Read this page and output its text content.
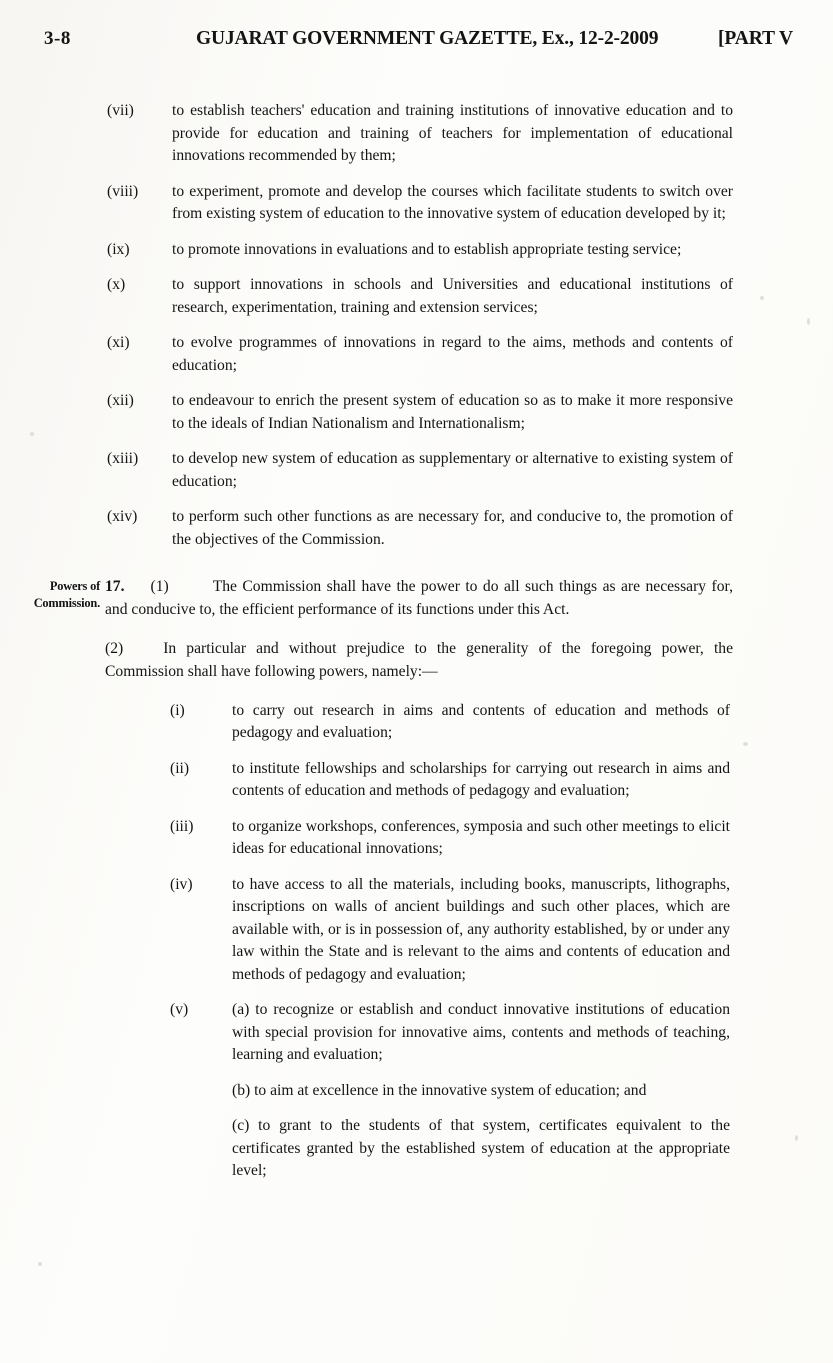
3-8	GUJARAT GOVERNMENT GAZETTE, Ex., 12-2-2009	[PART V
(vii)	to establish teachers' education and training institutions of innovative education and to provide for education and training of teachers for implementation of educational innovations recommended by them;
(viii)	to experiment, promote and develop the courses which facilitate students to switch over from existing system of education to the innovative system of education developed by it;
(ix)	to promote innovations in evaluations and to establish appropriate testing service;
(x)	to support innovations in schools and Universities and educational institutions of research, experimentation, training and extension services;
(xi)	to evolve programmes of innovations in regard to the aims, methods and contents of education;
(xii)	to endeavour to enrich the present system of education so as to make it more responsive to the ideals of Indian Nationalism and Internationalism;
(xiii)	to develop new system of education as supplementary or alternative to existing system of education;
(xiv)	to perform such other functions as are necessary for, and conducive to, the promotion of the objectives of the Commission.
Powers of
Commission.

17. (1)	The Commission shall have the power to do all such things as are necessary for, and conducive to, the efficient performance of its functions under this Act.

(2)	In particular and without prejudice to the generality of the foregoing power, the Commission shall have following powers, namely:—

(i)	to carry out research in aims and contents of education and methods of pedagogy and evaluation;
(ii)	to institute fellowships and scholarships for carrying out research in aims and contents of education and methods of pedagogy and evaluation;
(iii)	to organize workshops, conferences, symposia and such other meetings to elicit ideas for educational innovations;
(iv)	to have access to all the materials, including books, manuscripts, lithographs, inscriptions on walls of ancient buildings and such other places, which are available with, or is in possession of, any authority established, by or under any law within the State and is relevant to the aims and contents of education and methods of pedagogy and evaluation;
(v)	(a) to recognize or establish and conduct innovative institutions of education with special provision for innovative aims, contents and methods of teaching, learning and evaluation;
(b) to aim at excellence in the innovative system of education; and
(c) to grant to the students of that system, certificates equivalent to the certificates granted by the established system of education at the appropriate level;
